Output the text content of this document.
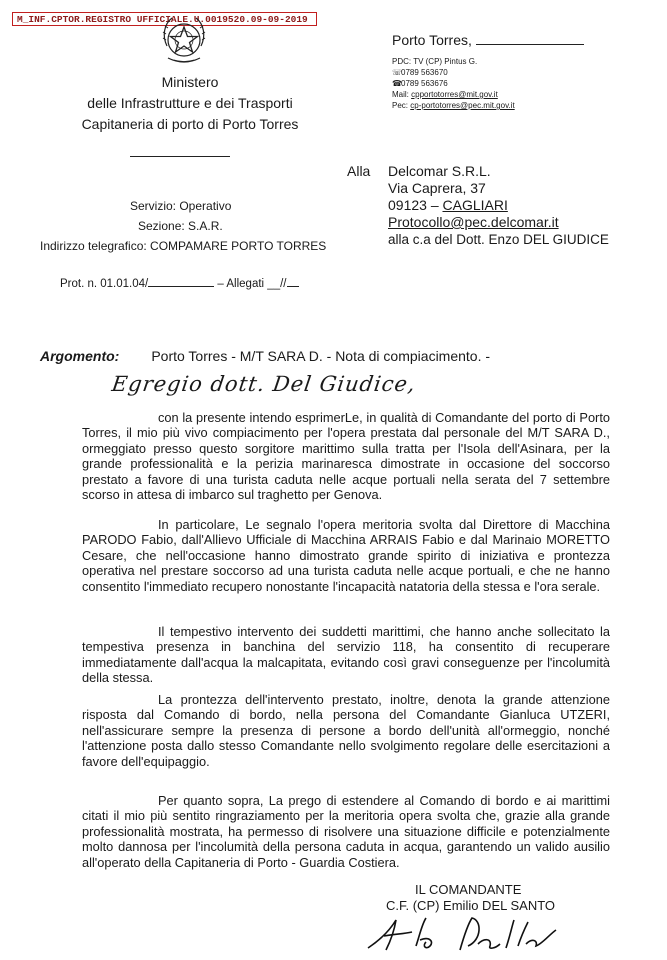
M_INF.CPTOR.REGISTRO UFFICIALE.U.0019520.09-09-2019
Ministero
delle Infrastrutture e dei Trasporti
Capitaneria di porto di Porto Torres
Porto Torres,
PDC: TV (CP) Pintus G.
☏0789 563670
☎0789 563676
Mail: cpportotorres@mit.gov.it
Pec: cp-portotorres@pec.mit.gov.it
Alla Delcomar S.R.L.
Via Caprera, 37
09123 – CAGLIARI
Protocollo@pec.delcomar.it
alla c.a del Dott. Enzo DEL GIUDICE
Servizio: Operativo
Sezione: S.A.R.
Indirizzo telegrafico: COMPAMARE PORTO TORRES
Prot. n. 01.01.04/	– Allegati __//
Argomento: Porto Torres - M/T SARA D. - Nota di compiacimento. -
Egregio dott. Del Giudice,
con la presente intendo esprimerLe, in qualità di Comandante del porto di Porto Torres, il mio più vivo compiacimento per l'opera prestata dal personale del M/T SARA D., ormeggiato presso questo sorgitore marittimo sulla tratta per l'Isola dell'Asinara, per la grande professionalità e la perizia marinaresca dimostrate in occasione del soccorso prestato a favore di una turista caduta nelle acque portuali nella serata del 7 settembre scorso in attesa di imbarco sul traghetto per Genova.
In particolare, Le segnalo l'opera meritoria svolta dal Direttore di Macchina PARODO Fabio, dall'Allievo Ufficiale di Macchina ARRAIS Fabio e dal Marinaio MORETTO Cesare, che nell'occasione hanno dimostrato grande spirito di iniziativa e prontezza operativa nel prestare soccorso ad una turista caduta nelle acque portuali, e che ne hanno consentito l'immediato recupero nonostante l'incapacità natatoria della stessa e l'ora serale.
Il tempestivo intervento dei suddetti marittimi, che hanno anche sollecitato la tempestiva presenza in banchina del servizio 118, ha consentito di recuperare immediatamente dall'acqua la malcapitata, evitando così gravi conseguenze per l'incolumità della stessa.
La prontezza dell'intervento prestato, inoltre, denota la grande attenzione risposta dal Comando di bordo, nella persona del Comandante Gianluca UTZERI, nell'assicurare sempre la presenza di persone a bordo dell'unità all'ormeggio, nonché l'attenzione posta dallo stesso Comandante nello svolgimento regolare delle esercitazioni a favore dell'equipaggio.
Per quanto sopra, La prego di estendere al Comando di bordo e ai marittimi citati il mio più sentito ringraziamento per la meritoria opera svolta che, grazie alla grande professionalità mostrata, ha permesso di risolvere una situazione difficile e potenzialmente molto dannosa per l'incolumità della persona caduta in acqua, garantendo un valido ausilio all'operato della Capitaneria di Porto - Guardia Costiera.
IL COMANDANTE
C.F. (CP) Emilio DEL SANTO
